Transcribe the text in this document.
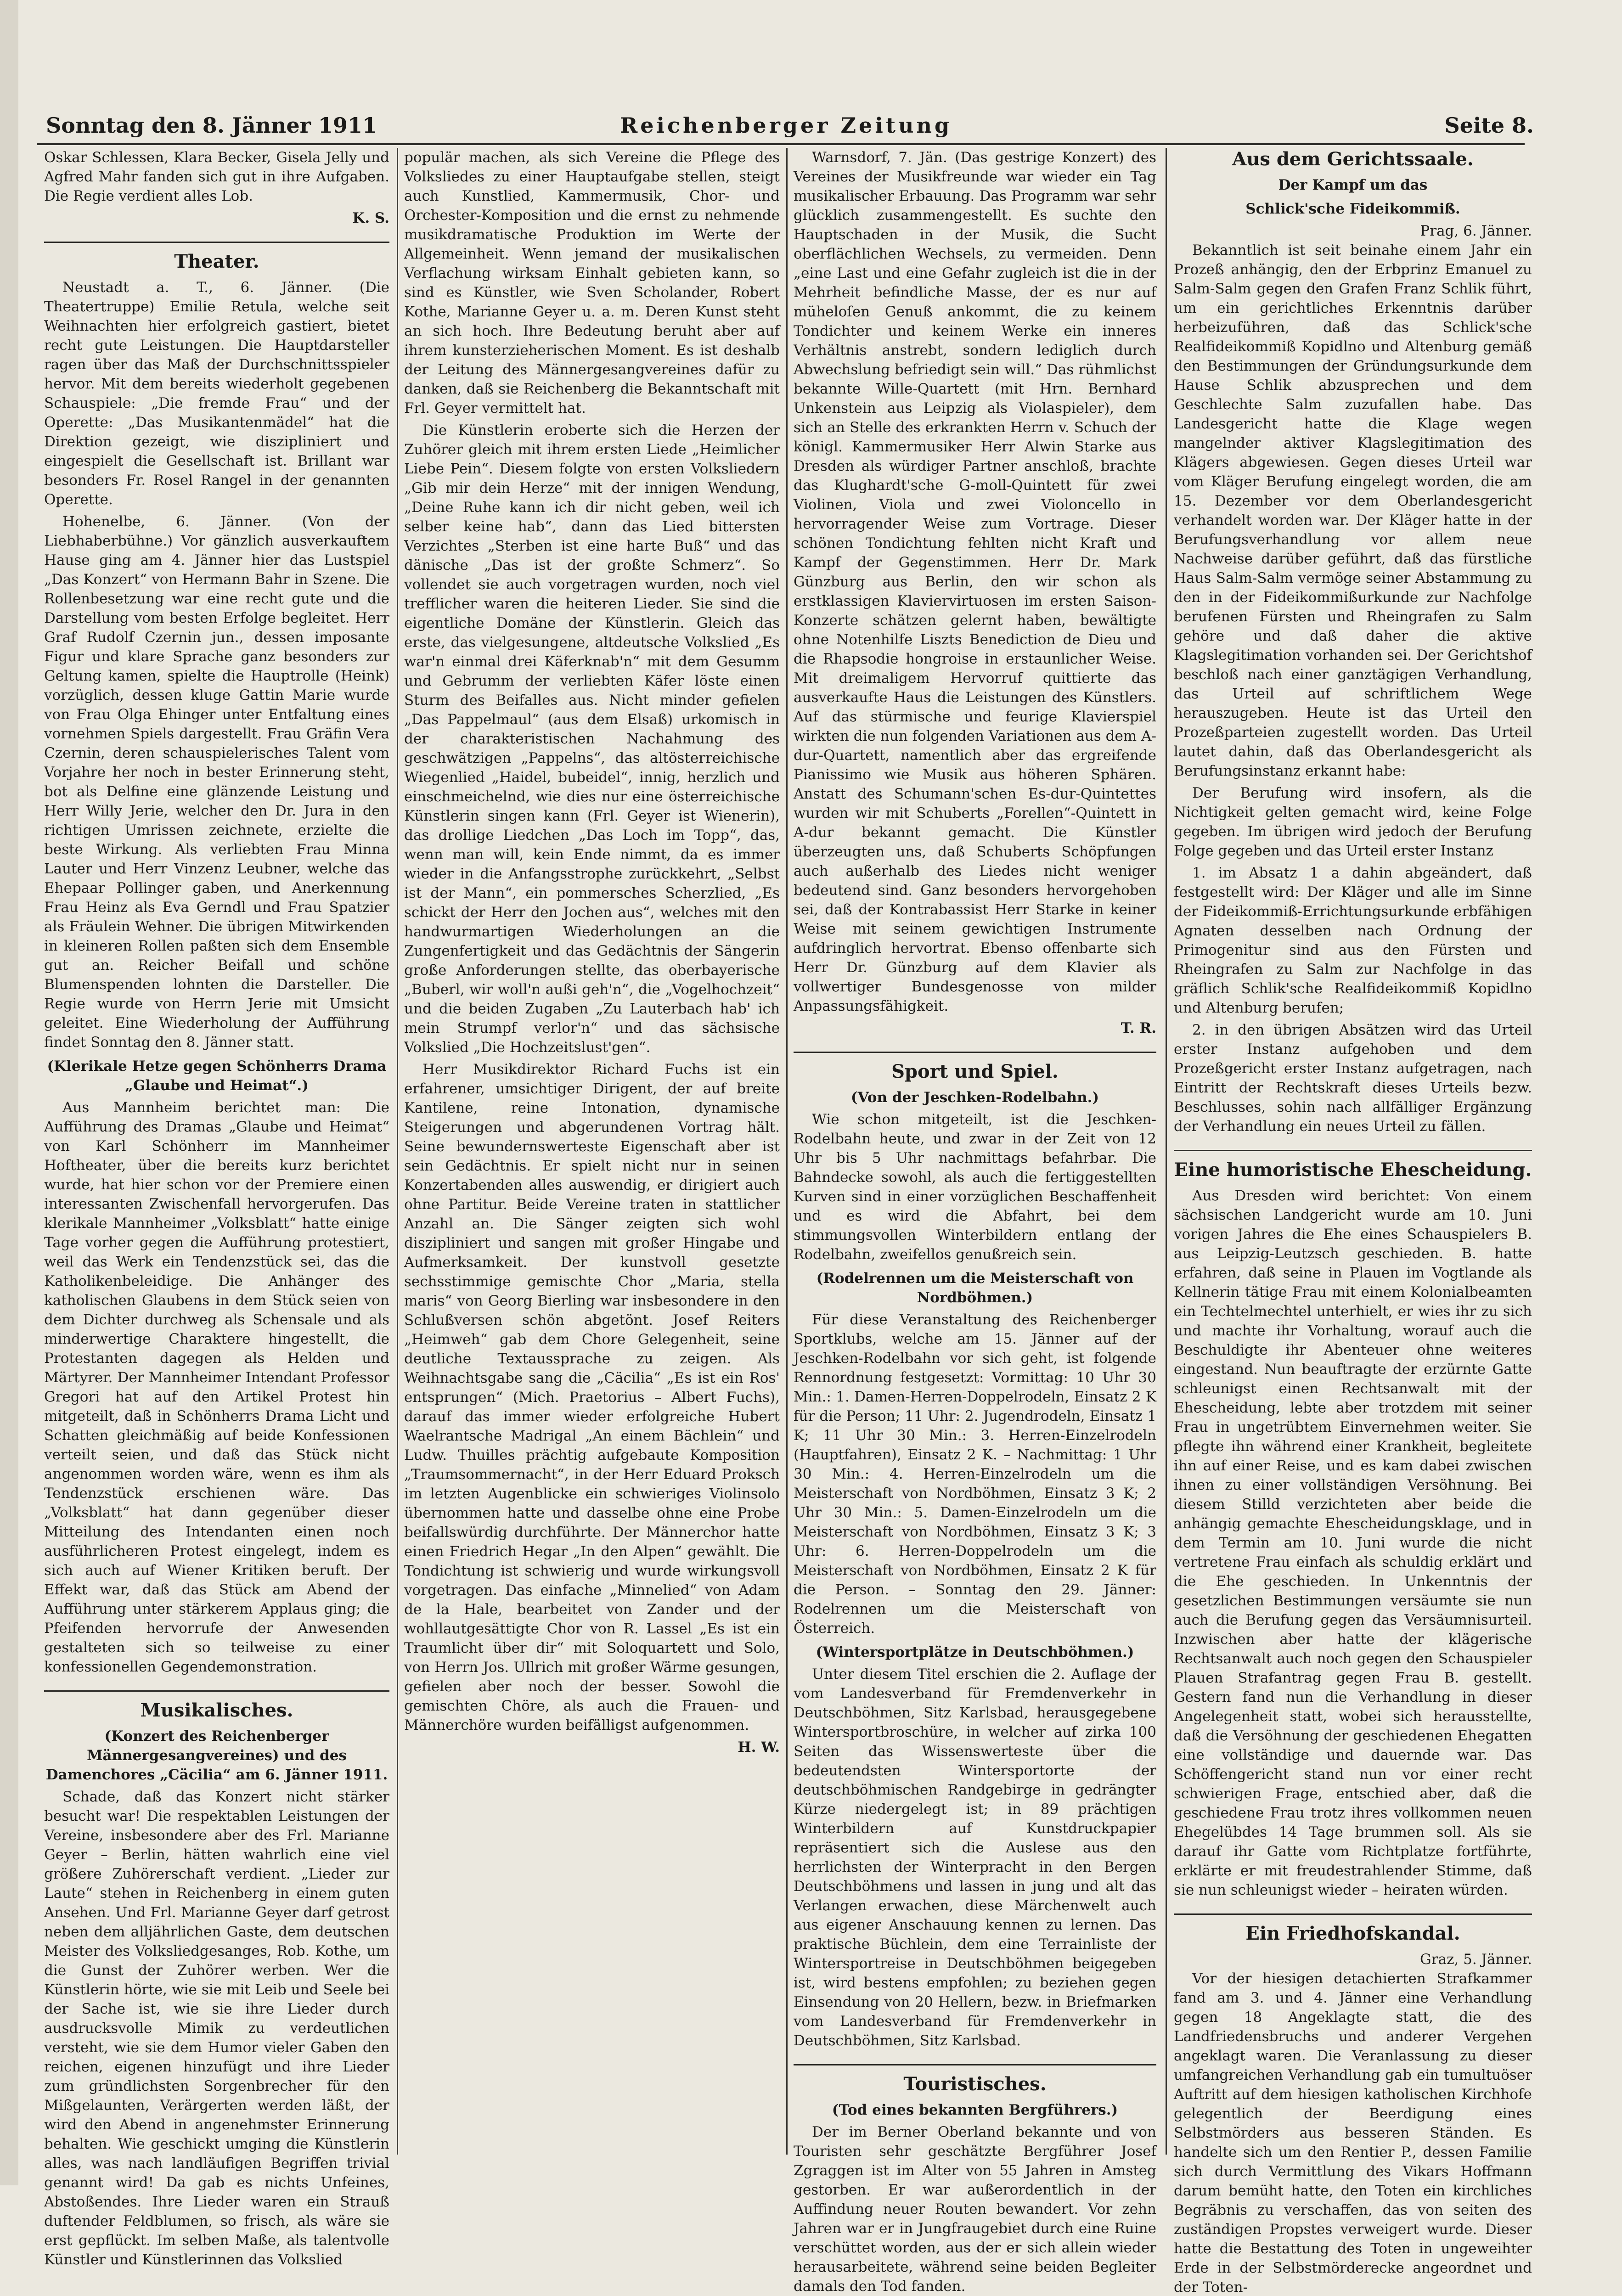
Sonntag den 8. Jänner 1911	Reichenberger Zeitung	Seite 8.

Oskar Schlessen, Klara Becker, Gisela Jelly und Agfred Mahr fanden sich gut in ihre Aufgaben. Die Regie verdient alles Lob.

K. S.
Theater.

Neustadt a. T., 6. Jänner. (Die Theatertruppe) Emilie Retula, welche seit Weihnachten hier erfolgreich gastiert, bietet recht gute Leistungen. Die Hauptdarsteller ragen über das Maß der Durchschnittsspieler hervor. Mit dem bereits wiederholt gegebenen Schauspiele: „Die fremde Frau“ und der Operette: „Das Musikantenmädel“ hat die Direktion gezeigt, wie diszipliniert und eingespielt die Gesellschaft ist. Brillant war besonders Fr. Rosel Rangel in der genannten Operette.

Hohenelbe, 6. Jänner. (Von der Liebhaberbühne.) Vor gänzlich ausverkauftem Hause ging am 4. Jänner hier das Lustspiel „Das Konzert“ von Hermann Bahr in Szene. Die Rollenbesetzung war eine recht gute und die Darstellung vom besten Erfolge begleitet. Herr Graf Rudolf Czernin jun., dessen imposante Figur und klare Sprache ganz besonders zur Geltung kamen, spielte die Hauptrolle (Heink) vorzüglich, dessen kluge Gattin Marie wurde von Frau Olga Ehinger unter Entfaltung eines vornehmen Spiels dargestellt. Frau Gräfin Vera Czernin, deren schauspielerisches Talent vom Vorjahre her noch in bester Erinnerung steht, bot als Delfine eine glänzende Leistung und Herr Willy Jerie, welcher den Dr. Jura in den richtigen Umrissen zeichnete, erzielte die beste Wirkung. Als verliebten Frau Minna Lauter und Herr Vinzenz Leubner, welche das Ehepaar Pollinger gaben, und Anerkennung Frau Heinz als Eva Gerndl und Frau Spatzier als Fräulein Wehner. Die übrigen Mitwirkenden in kleineren Rollen paßten sich dem Ensemble gut an. Reicher Beifall und schöne Blumenspenden lohnten die Darsteller. Die Regie wurde von Herrn Jerie mit Umsicht geleitet. Eine Wiederholung der Aufführung findet Sonntag den 8. Jänner statt.

(Klerikale Hetze gegen Schönherrs Drama „Glaube und Heimat“.)

Aus Mannheim berichtet man: Die Aufführung des Dramas „Glaube und Heimat“ von Karl Schönherr im Mannheimer Hoftheater, über die bereits kurz berichtet wurde, hat hier schon vor der Premiere einen interessanten Zwischenfall hervorgerufen. Das klerikale Mannheimer „Volksblatt“ hatte einige Tage vorher gegen die Aufführung protestiert, weil das Werk ein Tendenzstück sei, das die Katholikenbeleidige. Die Anhänger des katholischen Glaubens in dem Stück seien von dem Dichter durchweg als Schensale und als minderwertige Charaktere hingestellt, die Protestanten dagegen als Helden und Märtyrer. Der Mannheimer Intendant Professor Gregori hat auf den Artikel Protest hin mitgeteilt, daß in Schönherrs Drama Licht und Schatten gleichmäßig auf beide Konfessionen verteilt seien, und daß das Stück nicht angenommen worden wäre, wenn es ihm als Tendenzstück erschienen wäre. Das „Volksblatt“ hat dann gegenüber dieser Mitteilung des Intendanten einen noch ausführlicheren Protest eingelegt, indem es sich auch auf Wiener Kritiken beruft. Der Effekt war, daß das Stück am Abend der Aufführung unter stärkerem Applaus ging; die Pfeifenden hervorrufe der Anwesenden gestalteten sich so teilweise zu einer konfessionellen Gegendemonstration.

Musikalisches.
(Konzert des Reichenberger Männergesangvereines) und des Damenchores „Cäcilia“ am 6. Jänner 1911.

Schade, daß das Konzert nicht stärker besucht war! Die respektablen Leistungen der Vereine, insbesondere aber des Frl. Marianne Geyer – Berlin, hätten wahrlich eine viel größere Zuhörerschaft verdient. „Lieder zur Laute“ stehen in Reichenberg in einem guten Ansehen. Und Frl. Marianne Geyer darf getrost neben dem alljährlichen Gaste, dem deutschen Meister des Volksliedgesanges, Rob. Kothe, um die Gunst der Zuhörer werben. Wer die Künstlerin hörte, wie sie mit Leib und Seele bei der Sache ist, wie sie ihre Lieder durch ausdrucksvolle Mimik zu verdeutlichen versteht, wie sie dem Humor vieler Gaben den reichen, eigenen hinzufügt und ihre Lieder zum gründlichsten Sorgenbrecher für den Mißgelaunten, Verärgerten werden läßt, der wird den Abend in angenehmster Erinnerung behalten. Wie geschickt umging die Künstlerin alles, was nach landläufigen Begriffen trivial genannt wird! Da gab es nichts Unfeines, Abstoßendes. Ihre Lieder waren ein Strauß duftender Feldblumen, so frisch, als wäre sie erst gepflückt. Im selben Maße, als talentvolle Künstler und Künstlerinnen das Volkslied

populär machen, als sich Vereine die Pflege des Volksliedes zu einer Hauptaufgabe stellen, steigt auch Kunstlied, Kammermusik, Chor- und Orchester-Komposition und die ernst zu nehmende musikdramatische Produktion im Werte der Allgemeinheit. Wenn jemand der musikalischen Verflachung wirksam Einhalt gebieten kann, so sind es Künstler, wie Sven Scholander, Robert Kothe, Marianne Geyer u. a. m. Deren Kunst steht an sich hoch. Ihre Bedeutung beruht aber auf ihrem kunsterzieherischen Moment. Es ist deshalb der Leitung des Männergesangvereines dafür zu danken, daß sie Reichenberg die Bekanntschaft mit Frl. Geyer vermittelt hat.

Die Künstlerin eroberte sich die Herzen der Zuhörer gleich mit ihrem ersten Liede „Heimlicher Liebe Pein“. Diesem folgte von ersten Volksliedern „Gib mir dein Herze“ mit der innigen Wendung, „Deine Ruhe kann ich dir nicht geben, weil ich selber keine hab“, dann das Lied bittersten Verzichtes „Sterben ist eine harte Buß“ und das dänische „Das ist der großte Schmerz“. So vollendet sie auch vorgetragen wurden, noch viel trefflicher waren die heiteren Lieder. Sie sind die eigentliche Domäne der Künstlerin. Gleich das erste, das vielgesungene, altdeutsche Volkslied „Es war'n einmal drei Käferknab'n“ mit dem Gesumm und Gebrumm der verliebten Käfer löste einen Sturm des Beifalles aus. Nicht minder gefielen „Das Pappelmaul“ (aus dem Elsaß) urkomisch in der charakteristischen Nachahmung des geschwätzigen „Pappelns“, das altösterreichische Wiegenlied „Haidel, bubeidel“, innig, herzlich und einschmeichelnd, wie dies nur eine österreichische Künstlerin singen kann (Frl. Geyer ist Wienerin), das drollige Liedchen „Das Loch im Topp“, das, wenn man will, kein Ende nimmt, da es immer wieder in die Anfangsstrophe zurückkehrt, „Selbst ist der Mann“, ein pommersches Scherzlied, „Es schickt der Herr den Jochen aus“, welches mit den handwurmartigen Wiederholungen an die Zungenfertigkeit und das Gedächtnis der Sängerin große Anforderungen stellte, das oberbayerische „Buberl, wir woll'n außi geh'n“, die „Vogelhochzeit“ und die beiden Zugaben „Zu Lauterbach hab' ich mein Strumpf verlor'n“ und das sächsische Volkslied „Die Hochzeitslust'gen“.

Herr Musikdirektor Richard Fuchs ist ein erfahrener, umsichtiger Dirigent, der auf breite Kantilene, reine Intonation, dynamische Steigerungen und abgerundenen Vortrag hält. Seine bewundernswerteste Eigenschaft aber ist sein Gedächtnis. Er spielt nicht nur in seinen Konzertabenden alles auswendig, er dirigiert auch ohne Partitur. Beide Vereine traten in stattlicher Anzahl an. Die Sänger zeigten sich wohl diszipliniert und sangen mit großer Hingabe und Aufmerksamkeit. Der kunstvoll gesetzte sechsstimmige gemischte Chor „Maria, stella maris“ von Georg Bierling war insbesondere in den Schlußversen schön abgetönt. Josef Reiters „Heimweh“ gab dem Chore Gelegenheit, seine deutliche Textaussprache zu zeigen. Als Weihnachtsgabe sang die „Cäcilia“ „Es ist ein Ros' entsprungen“ (Mich. Praetorius – Albert Fuchs), darauf das immer wieder erfolgreiche Hubert Waelrantsche Madrigal „An einem Bächlein“ und Ludw. Thuilles prächtig aufgebaute Komposition „Traumsommernacht“, in der Herr Eduard Proksch im letzten Augenblicke ein schwieriges Violinsolo übernommen hatte und dasselbe ohne eine Probe beifallswürdig durchführte. Der Männerchor hatte einen Friedrich Hegar „In den Alpen“ gewählt. Die Tondichtung ist schwierig und wurde wirkungsvoll vorgetragen. Das einfache „Minnelied“ von Adam de la Hale, bearbeitet von Zander und der wohllautgesättigte Chor von R. Lassel „Es ist ein Traumlicht über dir“ mit Soloquartett und Solo, von Herrn Jos. Ullrich mit großer Wärme gesungen, gefielen aber noch der besser. Sowohl die gemischten Chöre, als auch die Frauen- und Männerchöre wurden beifälligst aufgenommen.

H. W.

Warnsdorf, 7. Jän. (Das gestrige Konzert) des Vereines der Musikfreunde war wieder ein Tag musikalischer Erbauung. Das Programm war sehr glücklich zusammengestellt. Es suchte den Hauptschaden in der Musik, die Sucht oberflächlichen Wechsels, zu vermeiden. Denn „eine Last und eine Gefahr zugleich ist die in der Mehrheit befindliche Masse, der es nur auf müheloſen Genuß ankommt, die zu keinem Tondichter und keinem Werke ein inneres Verhältnis anstrebt, sondern lediglich durch Abwechslung befriedigt sein will.“ Das rühmlichst bekannte Wille-Quartett (mit Hrn. Bernhard Unkenstein aus Leipzig als Violaspieler), dem sich an Stelle des erkrankten Herrn v. Schuch der königl. Kammermusiker Herr Alwin Starke aus Dresden als würdiger Partner anschloß, brachte das Klughardt'sche G-moll-Quintett für zwei Violinen, Viola und zwei Violoncello in hervorragender Weise zum Vortrage. Dieser schönen Tondichtung fehlten nicht Kraft und Kampf der Gegenstimmen. Herr Dr. Mark Günzburg aus Berlin, den wir schon als erstklassigen Klaviervirtuosen im ersten Saison-Konzerte schätzen gelernt haben, bewältigte ohne Notenhilfe Liszts Benediction de Dieu und die Rhapsodie hongroise in erstaunlicher Weise. Mit dreimaligem Hervorruf quittierte das ausverkaufte Haus die Leistungen des Künstlers. Auf das stürmische und feurige Klavierspiel wirkten die nun folgenden Variationen aus dem A-dur-Quartett, namentlich aber das ergreifende Pianissimo wie Musik aus höheren Sphären. Anstatt des Schumann'schen Es-dur-Quintettes wurden wir mit Schuberts „Forellen“-Quintett in A-dur bekannt gemacht. Die Künstler überzeugten uns, daß Schuberts Schöpfungen auch außerhalb des Liedes nicht weniger bedeutend sind. Ganz besonders hervorgehoben sei, daß der Kontrabassist Herr Starke in keiner Weise mit seinem gewichtigen Instrumente aufdringlich hervortrat. Ebenso offenbarte sich Herr Dr. Günzburg auf dem Klavier als vollwertiger Bundesgenosse von milder Anpassungsfähigkeit.

T. R.
Sport und Spiel.
(Von der Jeschken-Rodelbahn.)

Wie schon mitgeteilt, ist die Jeschken-Rodelbahn heute, und zwar in der Zeit von 12 Uhr bis 5 Uhr nachmittags befahrbar. Die Bahndecke sowohl, als auch die fertiggestellten Kurven sind in einer vorzüglichen Beschaffenheit und es wird die Abfahrt, bei dem stimmungsvollen Winterbildern entlang der Rodelbahn, zweifellos genußreich sein.

(Rodelrennen um die Meisterschaft von Nordböhmen.)

Für diese Veranstaltung des Reichenberger Sportklubs, welche am 15. Jänner auf der Jeschken-Rodelbahn vor sich geht, ist folgende Rennordnung festgesetzt: Vormittag: 10 Uhr 30 Min.: 1. Damen-Herren-Doppelrodeln, Einsatz 2 K für die Person; 11 Uhr: 2. Jugendrodeln, Einsatz 1 K; 11 Uhr 30 Min.: 3. Herren-Einzelrodeln (Hauptfahren), Einsatz 2 K. – Nachmittag: 1 Uhr 30 Min.: 4. Herren-Einzelrodeln um die Meisterschaft von Nordböhmen, Einsatz 3 K; 2 Uhr 30 Min.: 5. Damen-Einzelrodeln um die Meisterschaft von Nordböhmen, Einsatz 3 K; 3 Uhr: 6. Herren-Doppelrodeln um die Meisterschaft von Nordböhmen, Einsatz 2 K für die Person. – Sonntag den 29. Jänner: Rodelrennen um die Meisterschaft von Österreich.

(Wintersportplätze in Deutschböhmen.)

Unter diesem Titel erschien die 2. Auflage der vom Landesverband für Fremdenverkehr in Deutschböhmen, Sitz Karlsbad, herausgegebene Wintersportbroschüre, in welcher auf zirka 100 Seiten das Wissenswerteste über die bedeutendsten Wintersportorte der deutschböhmischen Randgebirge in gedrängter Kürze niedergelegt ist; in 89 prächtigen Winterbildern auf Kunstdruckpapier repräsentiert sich die Auslese aus den herrlichsten der Winterpracht in den Bergen Deutschböhmens und lassen in jung und alt das Verlangen erwachen, diese Märchenwelt auch aus eigener Anschauung kennen zu lernen. Das praktische Büchlein, dem eine Terrainliste der Wintersportreise in Deutschböhmen beigegeben ist, wird bestens empfohlen; zu beziehen gegen Einsendung von 20 Hellern, bezw. in Briefmarken vom Landesverband für Fremdenverkehr in Deutschböhmen, Sitz Karlsbad.

Touristisches.
(Tod eines bekannten Bergführers.)

Der im Berner Oberland bekannte und von Touristen sehr geschätzte Bergführer Josef Zgraggen ist im Alter von 55 Jahren in Amsteg gestorben. Er war außerordentlich in der Auffindung neuer Routen bewandert. Vor zehn Jahren war er in Jungfraugebiet durch eine Ruine verschüttet worden, aus der er sich allein wieder herausarbeitete, während seine beiden Begleiter damals den Tod fanden.

Aus dem Gerichtssaale.
Der Kampf um das
Schlick'sche Fideikommiß.
Prag, 6. Jänner.

Bekanntlich ist seit beinahe einem Jahr ein Prozeß anhängig, den der Erbprinz Emanuel zu Salm-Salm gegen den Grafen Franz Schlik führt, um ein gerichtliches Erkenntnis darüber herbeizuführen, daß das Schlick'sche Realfideikommiß Kopidlno und Altenburg gemäß den Bestimmungen der Gründungsurkunde dem Hause Schlik abzusprechen und dem Geschlechte Salm zuzufallen habe. Das Landesgericht hatte die Klage wegen mangelnder aktiver Klagslegitimation des Klägers abgewiesen. Gegen dieses Urteil war vom Kläger Berufung eingelegt worden, die am 15. Dezember vor dem Oberlandesgericht verhandelt worden war. Der Kläger hatte in der Berufungsverhandlung vor allem neue Nachweise darüber geführt, daß das fürstliche Haus Salm-Salm vermöge seiner Abstammung zu den in der Fideikommißurkunde zur Nachfolge berufenen Fürsten und Rheingrafen zu Salm gehöre und daß daher die aktive Klagslegitimation vorhanden sei. Der Gerichtshof beschloß nach einer ganztägigen Verhandlung, das Urteil auf schriftlichem Wege herauszugeben. Heute ist das Urteil den Prozeßparteien zugestellt worden. Das Urteil lautet dahin, daß das Oberlandesgericht als Berufungsinstanz erkannt habe:

Der Berufung wird insofern, als die Nichtigkeit gelten gemacht wird, keine Folge gegeben. Im übrigen wird jedoch der Berufung Folge gegeben und das Urteil erster Instanz

1. im Absatz 1 a dahin abgeändert, daß festgestellt wird: Der Kläger und alle im Sinne der Fideikommiß-Errichtungsurkunde erbfähigen Agnaten desselben nach Ordnung der Primogenitur sind aus den Fürsten und Rheingrafen zu Salm zur Nachfolge in das gräflich Schlik'sche Realfideikommiß Kopidlno und Altenburg berufen;

2. in den übrigen Absätzen wird das Urteil erster Instanz aufgehoben und dem Prozeßgericht erster Instanz aufgetragen, nach Eintritt der Rechtskraft dieses Urteils bezw. Beschlusses, sohin nach allfälliger Ergänzung der Verhandlung ein neues Urteil zu fällen.

Eine humoristische Ehescheidung.

Aus Dresden wird berichtet: Von einem sächsischen Landgericht wurde am 10. Juni vorigen Jahres die Ehe eines Schauspielers B. aus Leipzig-Leutzsch geschieden. B. hatte erfahren, daß seine in Plauen im Vogtlande als Kellnerin tätige Frau mit einem Kolonialbeamten ein Techtelmechtel unterhielt, er wies ihr zu sich und machte ihr Vorhaltung, worauf auch die Beschuldigte ihr Abenteuer ohne weiteres eingestand. Nun beauftragte der erzürnte Gatte schleunigst einen Rechtsanwalt mit der Ehescheidung, lebte aber trotzdem mit seiner Frau in ungetrübtem Einvernehmen weiter. Sie pflegte ihn während einer Krankheit, begleitete ihn auf einer Reise, und es kam dabei zwischen ihnen zu einer vollständigen Versöhnung. Bei diesem Stilld verzichteten aber beide die anhängig gemachte Ehescheidungsklage, und in dem Termin am 10. Juni wurde die nicht vertretene Frau einfach als schuldig erklärt und die Ehe geschieden. In Unkenntnis der gesetzlichen Bestimmungen versäumte sie nun auch die Berufung gegen das Versäumnisurteil. Inzwischen aber hatte der klägerische Rechtsanwalt auch noch gegen den Schauspieler Plauen Strafantrag gegen Frau B. gestellt. Gestern fand nun die Verhandlung in dieser Angelegenheit statt, wobei sich herausstellte, daß die Versöhnung der geschiedenen Ehegatten eine vollständige und dauernde war. Das Schöffengericht stand nun vor einer recht schwierigen Frage, entschied aber, daß die geschiedene Frau trotz ihres vollkommen neuen Ehegelübdes 14 Tage brummen soll. Als sie darauf ihr Gatte vom Richtplatze fortführte, erklärte er mit freudestrahlender Stimme, daß sie nun schleunigst wieder – heiraten würden.

Ein Friedhofskandal.
Graz, 5. Jänner.

Vor der hiesigen detachierten Strafkammer fand am 3. und 4. Jänner eine Verhandlung gegen 18 Angeklagte statt, die des Landfriedensbruchs und anderer Vergehen angeklagt waren. Die Veranlassung zu dieser umfangreichen Verhandlung gab ein tumultuöser Auftritt auf dem hiesigen katholischen Kirchhofe gelegentlich der Beerdigung eines Selbstmörders aus besseren Ständen. Es handelte sich um den Rentier P., dessen Familie sich durch Vermittlung des Vikars Hoffmann darum bemüht hatte, den Toten ein kirchliches Begräbnis zu verschaffen, das von seiten des zuständigen Propstes verweigert wurde. Dieser hatte die Bestattung des Toten in ungeweihter Erde in der Selbstmörderecke angeordnet und der Toten-
